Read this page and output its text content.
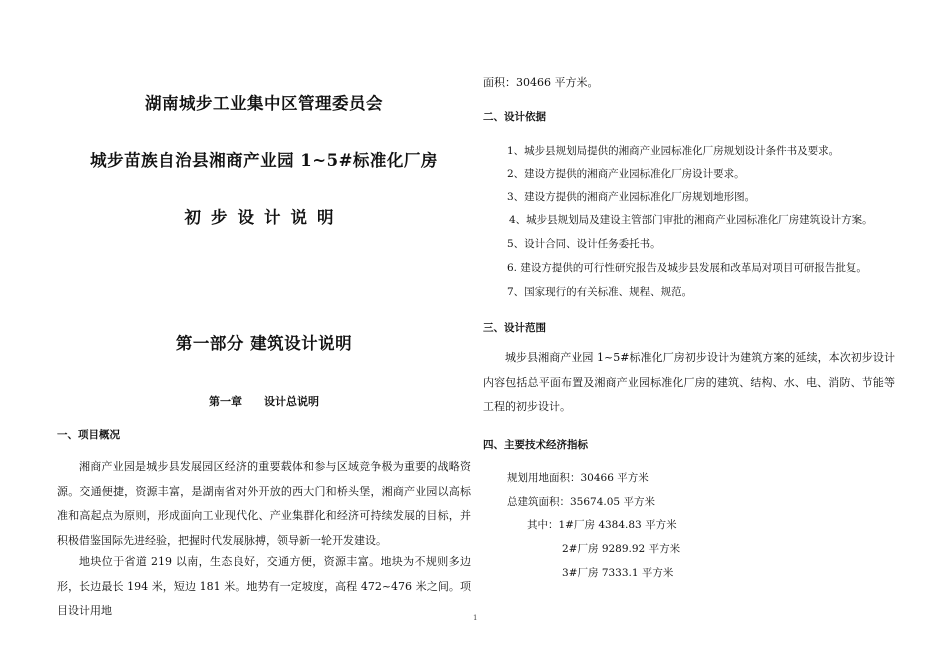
湖南城步工业集中区管理委员会
城步苗族自治县湘商产业园 1~5#标准化厂房
初步设计说明
第一部分 建筑设计说明
第一章　　设计总说明
一、项目概况

湘商产业园是城步县发展园区经济的重要载体和参与区域竞争极为重要的战略资源。交通便捷，资源丰富，是湖南省对外开放的西大门和桥头堡，湘商产业园以高标准和高起点为原则，形成面向工业现代化、产业集群化和经济可持续发展的目标，并积极借鉴国际先进经验，把握时代发展脉搏，领导新一轮开发建设。

地块位于省道 219 以南，生态良好，交通方便，资源丰富。地块为不规则多边形，长边最长 194 米，短边 181 米。地势有一定坡度，高程 472~476 米之间。项目设计用地

面积：30466 平方米。
二、设计依据
1、城步县规划局提供的湘商产业园标准化厂房规划设计条件书及要求。
2、建设方提供的湘商产业园标准化厂房设计要求。
3、建设方提供的湘商产业园标准化厂房规划地形图。
4、城步县规划局及建设主管部门审批的湘商产业园标准化厂房建筑设计方案。
5、设计合同、设计任务委托书。
6. 建设方提供的可行性研究报告及城步县发展和改革局对项目可研报告批复。
7、国家现行的有关标准、规程、规范。
三、设计范围

城步县湘商产业园 1~5#标准化厂房初步设计为建筑方案的延续，本次初步设计内容包括总平面布置及湘商产业园标准化厂房的建筑、结构、水、电、消防、节能等工程的初步设计。

四、主要技术经济指标
规划用地面积：30466 平方米
总建筑面积：35674.05 平方米
其中：1#厂房 4384.83 平方米
2#厂房 9289.92 平方米
3#厂房 7333.1 平方米
1
